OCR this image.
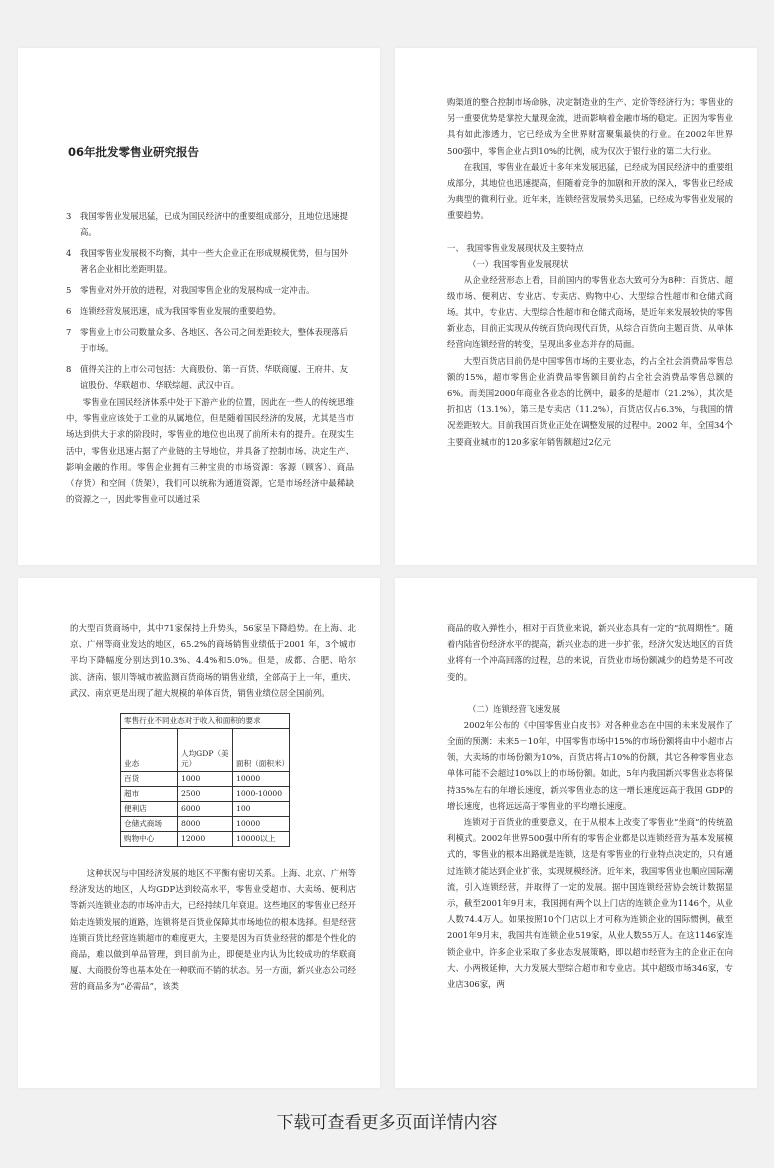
06年批发零售业研究报告
3 我国零售业发展迅猛，已成为国民经济中的重要组成部分，且地位迅速提高。
4 我国零售业发展极不均衡，其中一些大企业正在形成规模优势，但与国外著名企业相比差距明显。
5 零售业对外开放的进程，对我国零售企业的发展构成一定冲击。
6 连锁经营发展迅速，成为我国零售业发展的重要趋势。
7 零售业上市公司数量众多、各地区、各公司之间差距较大，整体表现落后于市场。
8 值得关注的上市公司包括：大商股份、第一百货、华联商厦、王府井、友谊股份、华联超市、华联综超、武汉中百。

零售业在国民经济体系中处于下游产业的位置，因此在一些人的传统思维中，零售业应该处于工业的从属地位，但是随着国民经济的发展，尤其是当市场达到供大于求的阶段时，零售业的地位也出现了前所未有的提升。在现实生活中，零售业迅速占据了产业链的主导地位，并具备了控制市场、决定生产、影响金融的作用。零售企业拥有三种宝贵的市场资源：客源（顾客）、商品（存货）和空间（货架），我们可以统称为通道资源，它是市场经济中最稀缺的资源之一，因此零售业可以通过采

购渠道的整合控制市场命脉，决定制造业的生产、定价等经济行为；零售业的另一重要优势是掌控大量现金流，进而影响着金融市场的稳定。正因为零售业具有如此渗透力，它已经成为全世界财富聚集最快的行业。在2002年世界500强中，零售企业占到10%的比例，成为仅次于银行业的第二大行业。

在我国，零售业在最近十多年来发展迅猛，已经成为国民经济中的重要组成部分，其地位也迅速提高，但随着竞争的加剧和开放的深入，零售业已经成为典型的微利行业。近年来，连锁经营发展势头迅猛，已经成为零售业发展的重要趋势。

一、 我国零售业发展现状及主要特点
（一）我国零售业发展现状

从企业经营形态上看，目前国内的零售业态大致可分为8种：百货店、超级市场、便利店、专业店、专卖店、购物中心、大型综合性超市和仓储式商场。其中，专业店、大型综合性超市和仓储式商场，是近年来发展较快的零售新业态，目前正实现从传统百货向现代百货，从综合百货向主题百货、从单体经营向连锁经营的转变，呈现出多业态并存的局面。

大型百货店目前仍是中国零售市场的主要业态，约占全社会消费品零售总额的15%，超市零售企业消费品零售额目前约占全社会消费品零售总额的6%。而美国2000年商业各业态的比例中，最多的是超市（21.2%），其次是折扣店（13.1%），第三是专卖店（11.2%），百货店仅占6.3%，与我国的情况差距较大。目前我国百货业正处在调整发展的过程中。2002 年，全国34个主要商业城市的120多家年销售额超过2亿元

的大型百货商场中，其中71家保持上升势头，56家呈下降趋势。在上海、北京、广州等商业发达的地区，65.2%的商场销售业绩低于2001 年，3个城市平均下降幅度分别达到10.3%、4.4%和5.0%。但是，成都、合肥、哈尔滨、济南、银川等城市被监测百货商场的销售业绩，全部高于上一年，重庆、武汉、南京更是出现了超大规模的单体百货，销售业绩位居全国前列。

零售行业不同业态对于收入和面积的要求		
业态	人均GDP（美元）	面积（面积米）
百货	1000	10000
超市	2500	1000-10000
便利店	6000	100
仓储式商场	8000	10000
购物中心	12000	10000以上

这种状况与中国经济发展的地区不平衡有密切关系。上海、北京、广州等经济发达的地区，人均GDP达到较高水平，零售业受超市、大卖场、便利店等新兴连锁业态的市场冲击大，已经持续几年衰退。这些地区的零售业已经开始走连锁发展的道路，连锁将是百货业保障其市场地位的根本选择。但是经营连锁百货比经营连锁超市的难度更大，主要是因为百货业经营的都是个性化的商品，难以做到单品管理，到目前为止，即便是业内认为比较成功的华联商厦、大商股份等也基本处在一种联而不销的状态。另一方面，新兴业态公司经营的商品多为“必需品”，该类

商品的收入弹性小，相对于百货业来说，新兴业态具有一定的“抗周期性”。随着内陆省份经济水平的提高，新兴业态的进一步扩张，经济欠发达地区的百货业将有一个冲高回落的过程，总的来说，百货业市场份额减少的趋势是不可改变的。

（二）连锁经营飞速发展

2002年公布的《中国零售业白皮书》对各种业态在中国的未来发展作了全面的预测：未来5－10年，中国零售市场中15%的市场份额将由中小超市占领，大卖场的市场份额为10%，百货店将占10%的份额，其它各种零售业态单体可能不会超过10%以上的市场份额。如此，5年内我国新兴零售业态将保持35%左右的年增长速度，新兴零售业态的这一增长速度远高于我国 GDP的增长速度，也将远远高于零售业的平均增长速度。

连锁对于百货业的重要意义，在于从根本上改变了零售业“坐商”的传统盈利模式。2002年世界500强中所有的零售企业都是以连锁经营为基本发展模式的，零售业的根本出路就是连锁，这是有零售业的行业特点决定的，只有通过连锁才能达到企业扩张，实现规模经济。近年来，我国零售业也顺应国际潮流，引入连锁经营，并取得了一定的发展。据中国连锁经营协会统计数据显示，截至2001年9月末，我国拥有两个以上门店的连锁企业为1146个，从业人数74.4万人。如果按照10个门店以上才可称为连锁企业的国际惯例，截至2001年9月末，我国共有连锁企业519家，从业人数55万人。在这1146家连锁企业中，许多企业采取了多业态发展策略，即以超市经营为主的企业正在向大、小两极延伸，大力发展大型综合超市和专业店。其中超级市场346家，专业店306家，两

下载可查看更多页面详情内容
